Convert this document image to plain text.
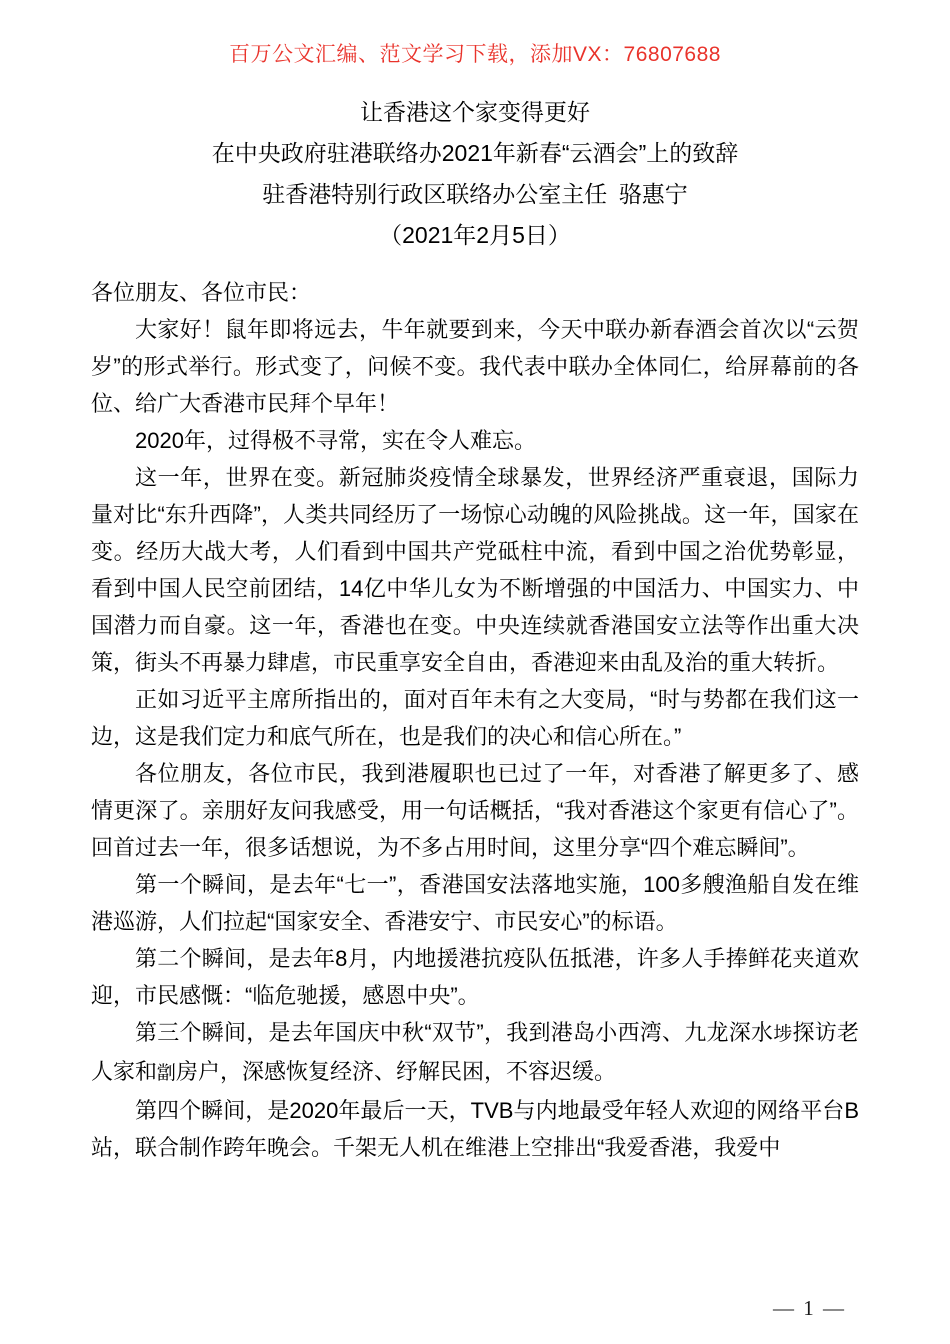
百万公文汇编、范文学习下载，添加VX：76807688
让香港这个家变得更好
在中央政府驻港联络办2021年新春“云酒会”上的致辞
驻香港特别行政区联络办公室主任 骆惠宁
（2021年2月5日）

各位朋友、各位市民：

大家好！鼠年即将远去，牛年就要到来，今天中联办新春酒会首次以“云贺岁”的形式举行。形式变了，问候不变。我代表中联办全体同仁，给屏幕前的各位、给广大香港市民拜个早年！

2020年，过得极不寻常，实在令人难忘。

这一年，世界在变。新冠肺炎疫情全球暴发，世界经济严重衰退，国际力量对比“东升西降”，人类共同经历了一场惊心动魄的风险挑战。这一年，国家在变。经历大战大考，人们看到中国共产党砥柱中流，看到中国之治优势彰显，看到中国人民空前团结，14亿中华儿女为不断增强的中国活力、中国实力、中国潜力而自豪。这一年，香港也在变。中央连续就香港国安立法等作出重大决策，街头不再暴力肆虐，市民重享安全自由，香港迎来由乱及治的重大转折。

正如习近平主席所指出的，面对百年未有之大变局，“时与势都在我们这一边，这是我们定力和底气所在，也是我们的决心和信心所在。”

各位朋友，各位市民，我到港履职也已过了一年，对香港了解更多了、感情更深了。亲朋好友问我感受，用一句话概括，“我对香港这个家更有信心了”。回首过去一年，很多话想说，为不多占用时间，这里分享“四个难忘瞬间”。

第一个瞬间，是去年“七一”，香港国安法落地实施，100多艘渔船自发在维港巡游，人们拉起“国家安全、香港安宁、市民安心”的标语。

第二个瞬间，是去年8月，内地援港抗疫队伍抵港，许多人手捧鲜花夹道欢迎，市民感慨：“临危驰援，感恩中央”。

第三个瞬间，是去年国庆中秋“双节”，我到港岛小西湾、九龙深水埗探访老人家和劏房户，深感恢复经济、纾解民困，不容迟缓。

第四个瞬间，是2020年最后一天，TVB与内地最受年轻人欢迎的网络平台B站，联合制作跨年晚会。千架无人机在维港上空排出“我爱香港，我爱中

— 1 —
